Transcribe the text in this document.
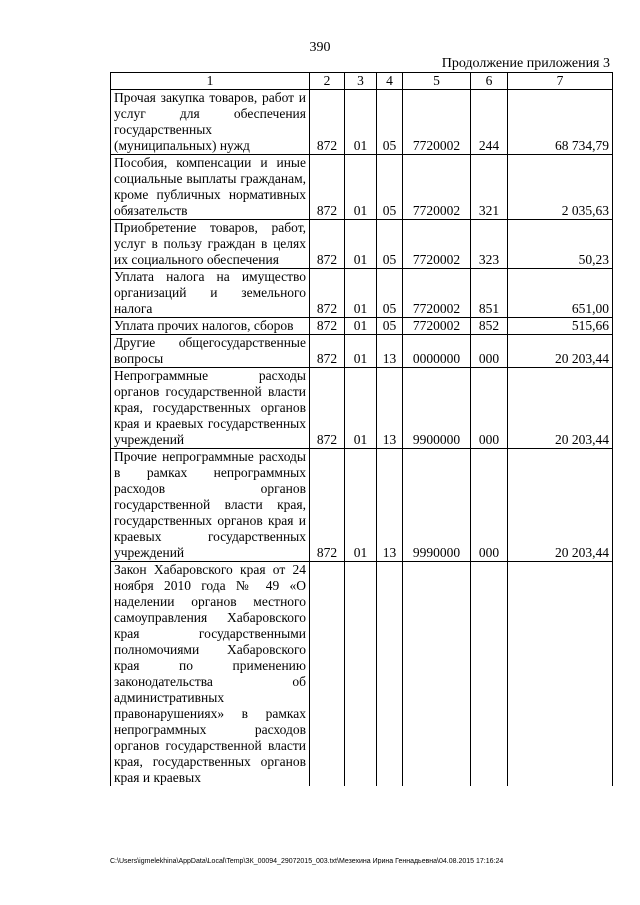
390
Продолжение приложения 3
1	2	3	4	5	6	7
Прочая закупка товаров, работ и услуг для обеспечения государственных (муниципальных) нужд	872	01	05	7720002	244	68 734,79
Пособия, компенсации и иные социальные выплаты гражданам, кроме публичных нормативных обязательств	872	01	05	7720002	321	2 035,63
Приобретение товаров, работ, услуг в пользу граждан в целях их социального обеспечения	872	01	05	7720002	323	50,23
Уплата налога на имущество организаций и земельного налога	872	01	05	7720002	851	651,00
Уплата прочих налогов, сборов	872	01	05	7720002	852	515,66
Другие общегосударственные вопросы	872	01	13	0000000	000	20 203,44
Непрограммные расходы органов государственной власти края, государственных органов края и краевых государственных учреждений	872	01	13	9900000	000	20 203,44
Прочие непрограммные расходы в рамках непрограммных расходов органов государственной власти края, государственных органов края и краевых государственных учреждений	872	01	13	9990000	000	20 203,44
Закон Хабаровского края от 24 ноября 2010 года № 49 «О наделении органов местного самоуправления Хабаровского края государственными полномочиями Хабаровского края по применению законодательства об административных правонарушениях» в рамках непрограммных расходов органов государственной власти края, государственных органов края и краевых						
C:\Users\igmelekhina\AppData\Local\Temp\ЗК_00094_29072015_003.txt\Мезехина Ирина Геннадьевна\04.08.2015 17:16:24
